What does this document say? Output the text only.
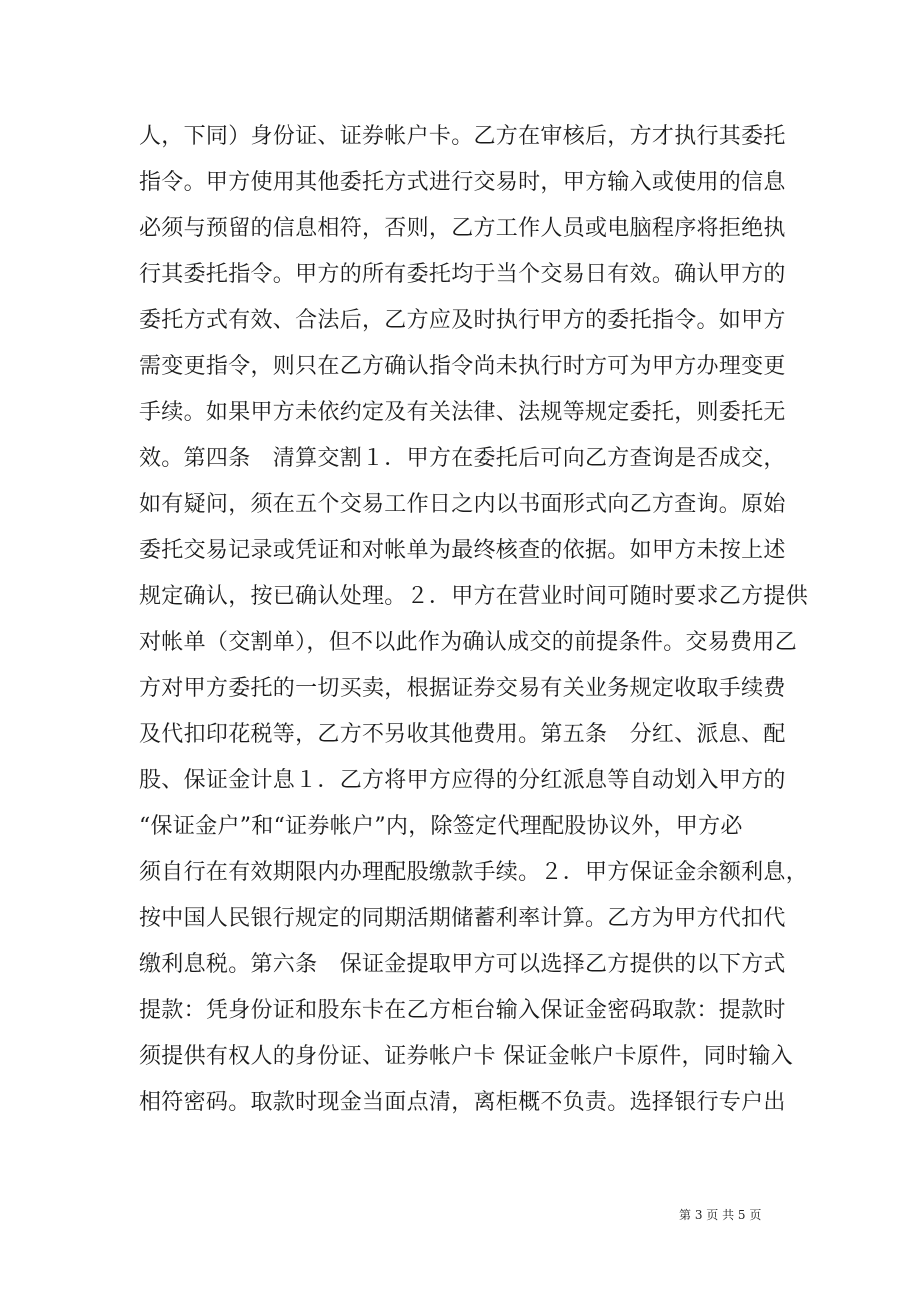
人，下同）身份证、证券帐户卡。乙方在审核后，方才执行其委托
指令。甲方使用其他委托方式进行交易时，甲方输入或使用的信息
必须与预留的信息相符，否则，乙方工作人员或电脑程序将拒绝执
行其委托指令。甲方的所有委托均于当个交易日有效。确认甲方的
委托方式有效、合法后，乙方应及时执行甲方的委托指令。如甲方
需变更指令，则只在乙方确认指令尚未执行时方可为甲方办理变更
手续。如果甲方未依约定及有关法律、法规等规定委托，则委托无
效。第四条　清算交割１．甲方在委托后可向乙方查询是否成交，
如有疑问，须在五个交易工作日之内以书面形式向乙方查询。原始
委托交易记录或凭证和对帐单为最终核查的依据。如甲方未按上述
规定确认，按已确认处理。２．甲方在营业时间可随时要求乙方提供
对帐单（交割单），但不以此作为确认成交的前提条件。交易费用乙
方对甲方委托的一切买卖，根据证券交易有关业务规定收取手续费
及代扣印花税等，乙方不另收其他费用。第五条　分红、派息、配
股、保证金计息１．乙方将甲方应得的分红派息等自动划入甲方的
“保证金户”和“证券帐户”内，除签定代理配股协议外，甲方必
须自行在有效期限内办理配股缴款手续。２．甲方保证金余额利息，
按中国人民银行规定的同期活期储蓄利率计算。乙方为甲方代扣代
缴利息税。第六条　保证金提取甲方可以选择乙方提供的以下方式
提款：凭身份证和股东卡在乙方柜台输入保证金密码取款：提款时
须提供有权人的身份证、证券帐户卡 保证金帐户卡原件，同时输入
相符密码。取款时现金当面点清，离柜概不负责。选择银行专户出
第 3 页 共 5 页
